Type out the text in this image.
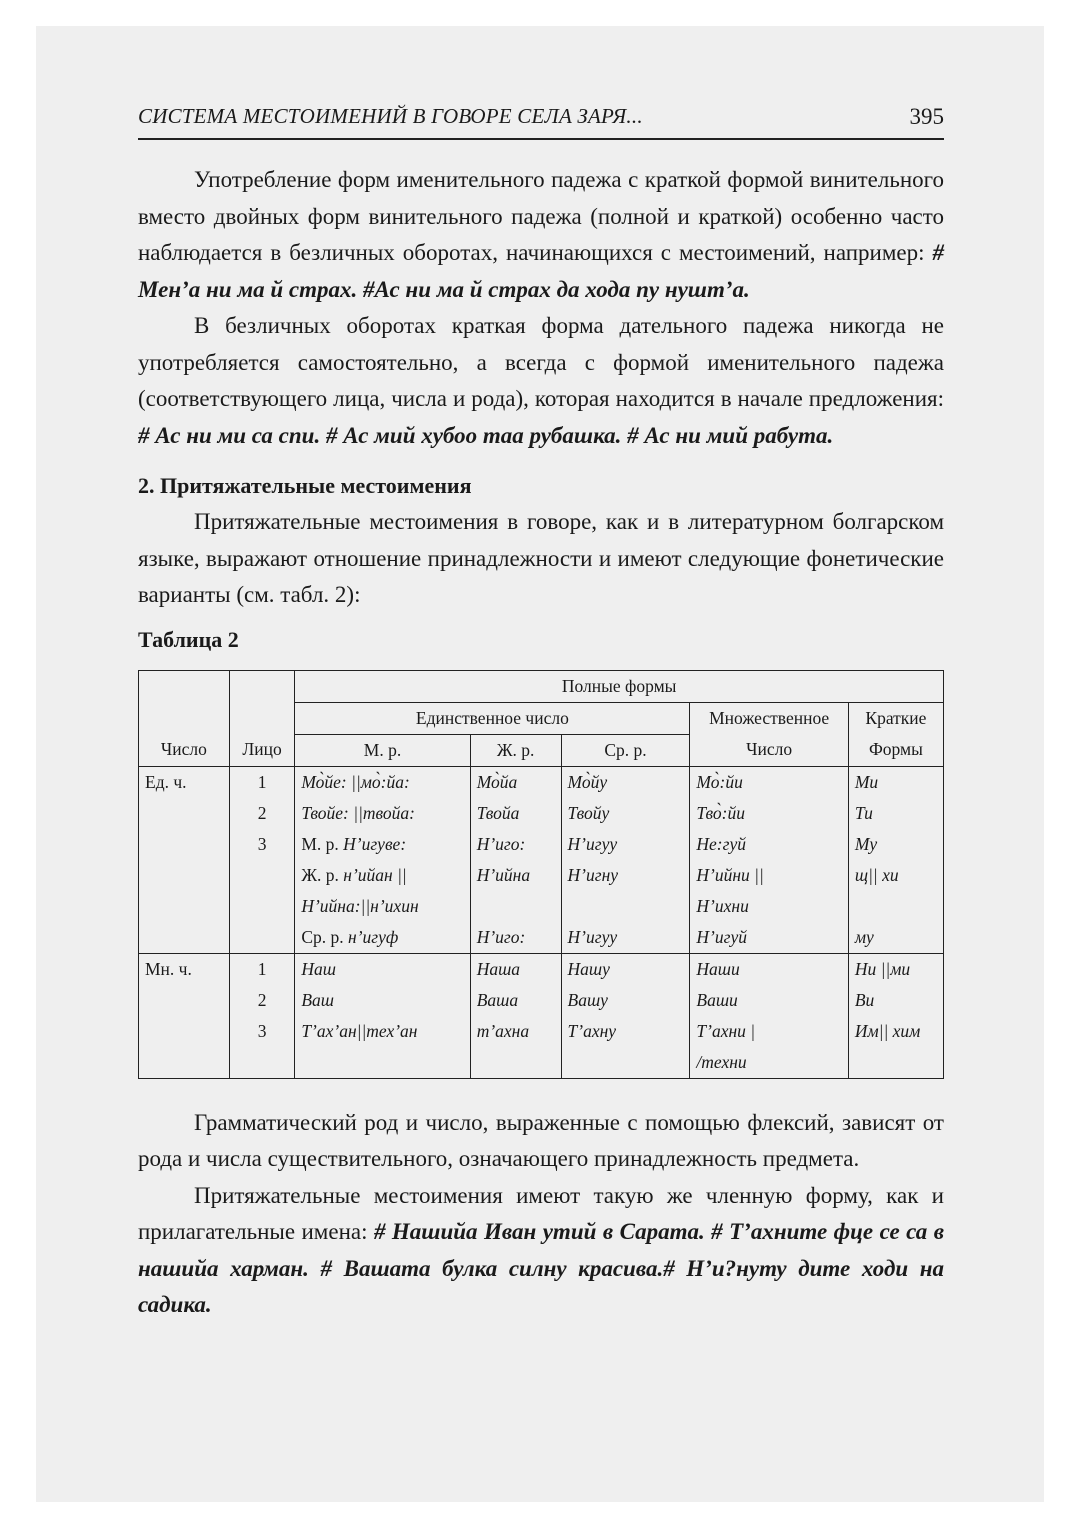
СИСТЕМА МЕСТОИМЕНИЙ В ГОВОРЕ СЕЛА ЗАРЯ...	395

Употребление форм именительного падежа с краткой формой винительного вместо двойных форм винительного падежа (полной и краткой) особенно часто наблюдается в безличных оборотах, начинающихся с местоимений, например: # Мен’а ни ма й страх. #Ас ни ма й страх да хода пу нушт’а.

В безличных оборотах краткая форма дательного падежа никогда не употребляется самостоятельно, а всегда с формой именительного падежа (соответствующего лица, числа и рода), которая находится в начале предложения: # Ас ни ми са спи. # Ас мий хубоо таа рубашка. # Ас ни мий рабута.

2. Притяжательные местоимения

Притяжательные местоимения в говоре, как и в литературном болгарском языке, выражают отношение принадлежности и имеют следующие фонетические варианты (см. табл. 2):

Таблица 2
		Полные формы				
		Единственное число			Множественное	Краткие
Число	Лицо	М. р.	Ж. р.	Ср. р.	Число	Формы
Ед. ч.	1	Мо̀йе: ||мо̀:йа:	Мо̀йа	Мо̀йу	Мо̀:йи	Ми
	2	Твойе: ||твойа:	Твойа	Твойу	Тво̀:йи	Ти
	3	М. р. Н’игуве:	Н’иго:	Н’игуу	Не:гуй	Му
		Ж. р. н’ийан ||	Н’ийна	Н’игну	Н’ийни ||	щ|| хи
		Н’ийна:||н’ихин			Н’ихни	
		Ср. р. н’игуф	Н’иго:	Н’игуу	Н’игуй	му
Мн. ч.	1	Наш	Наша	Нашу	Наши	Ни ||ми
	2	Ваш	Ваша	Вашу	Ваши	Ви
	3	Т’ах’ан||тех’ан	т’ахна	Т’ахну	Т’ахни |	Им|| хим
					/техни	

Грамматический род и число, выраженные с помощью флексий, зависят от рода и числа существительного, означающего принадлежность предмета.

Притяжательные местоимения имеют такую же членную форму, как и прилагательные имена: # Нашийа Иван утий в Сарата. # Т’ахните фце се са в нашийа харман. # Вашата булка силну красива.# Н’и?нуту дите ходи на садика.
